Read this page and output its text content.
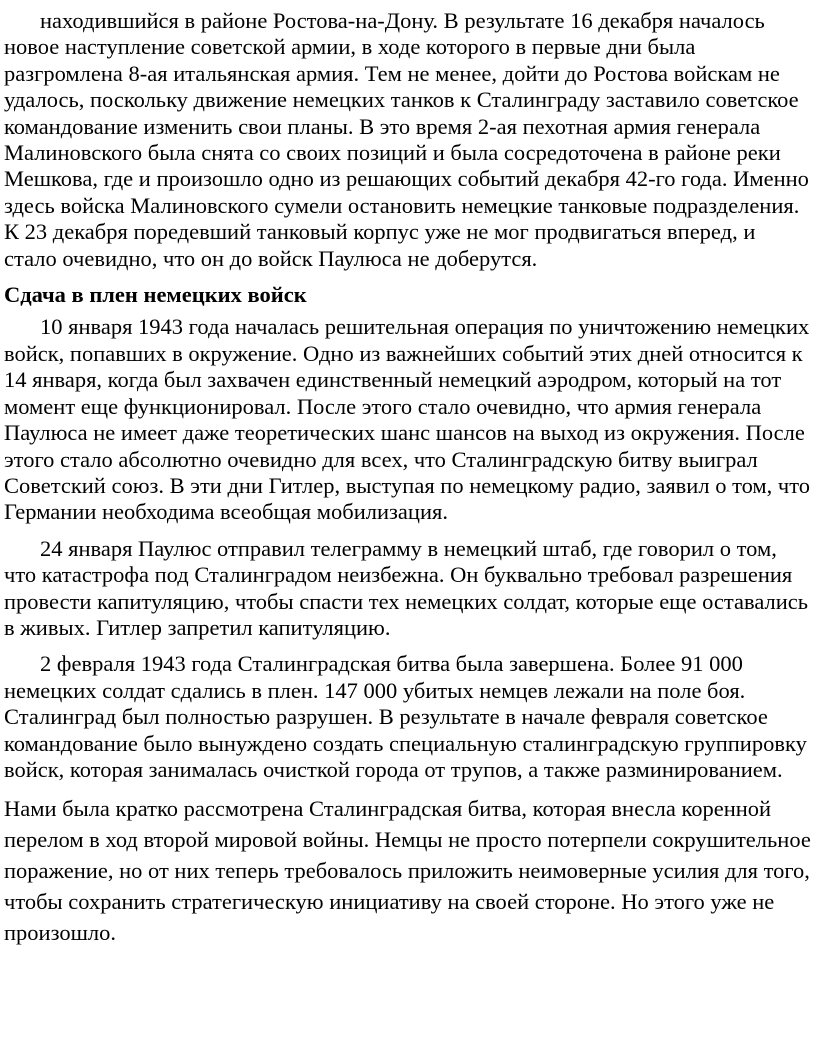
находившийся в районе Ростова-на-Дону. В результате 16 декабря началось новое наступление советской армии, в ходе которого в первые дни была разгромлена 8-ая итальянская армия. Тем не менее, дойти до Ростова войскам не удалось, поскольку движение немецких танков к Сталинграду заставило советское командование изменить свои планы. В это время 2-ая пехотная армия генерала Малиновского была снята со своих позиций и была сосредоточена в районе реки Мешкова, где и произошло одно из решающих событий декабря 42-го года. Именно здесь войска Малиновского сумели остановить немецкие танковые подразделения. К 23 декабря поредевший танковый корпус уже не мог продвигаться вперед, и стало очевидно, что он до войск Паулюса не доберутся.

Сдача в плен немецких войск

10 января 1943 года началась решительная операция по уничтожению немецких войск, попавших в окружение. Одно из важнейших событий этих дней относится к 14 января, когда был захвачен единственный немецкий аэродром, который на тот момент еще функционировал. После этого стало очевидно, что армия генерала Паулюса не имеет даже теоретических шанс шансов на выход из окружения. После этого стало абсолютно очевидно для всех, что Сталинградскую битву выиграл Советский союз. В эти дни Гитлер, выступая по немецкому радио, заявил о том, что Германии необходима всеобщая мобилизация.

24 января Паулюс отправил телеграмму в немецкий штаб, где говорил о том, что катастрофа под Сталинградом неизбежна. Он буквально требовал разрешения провести капитуляцию, чтобы спасти тех немецких солдат, которые еще оставались в живых. Гитлер запретил капитуляцию.

2 февраля 1943 года Сталинградская битва была завершена. Более 91 000 немецких солдат сдались в плен. 147 000 убитых немцев лежали на поле боя. Сталинград был полностью разрушен. В результате в начале февраля советское командование было вынуждено создать специальную сталинградскую группировку войск, которая занималась очисткой города от трупов, а также разминированием.

Нами была кратко рассмотрена Сталинградская битва, которая внесла коренной перелом в ход второй мировой войны. Немцы не просто потерпели сокрушительное поражение, но от них теперь требовалось приложить неимоверные усилия для того, чтобы сохранить стратегическую инициативу на своей стороне. Но этого уже не произошло.
